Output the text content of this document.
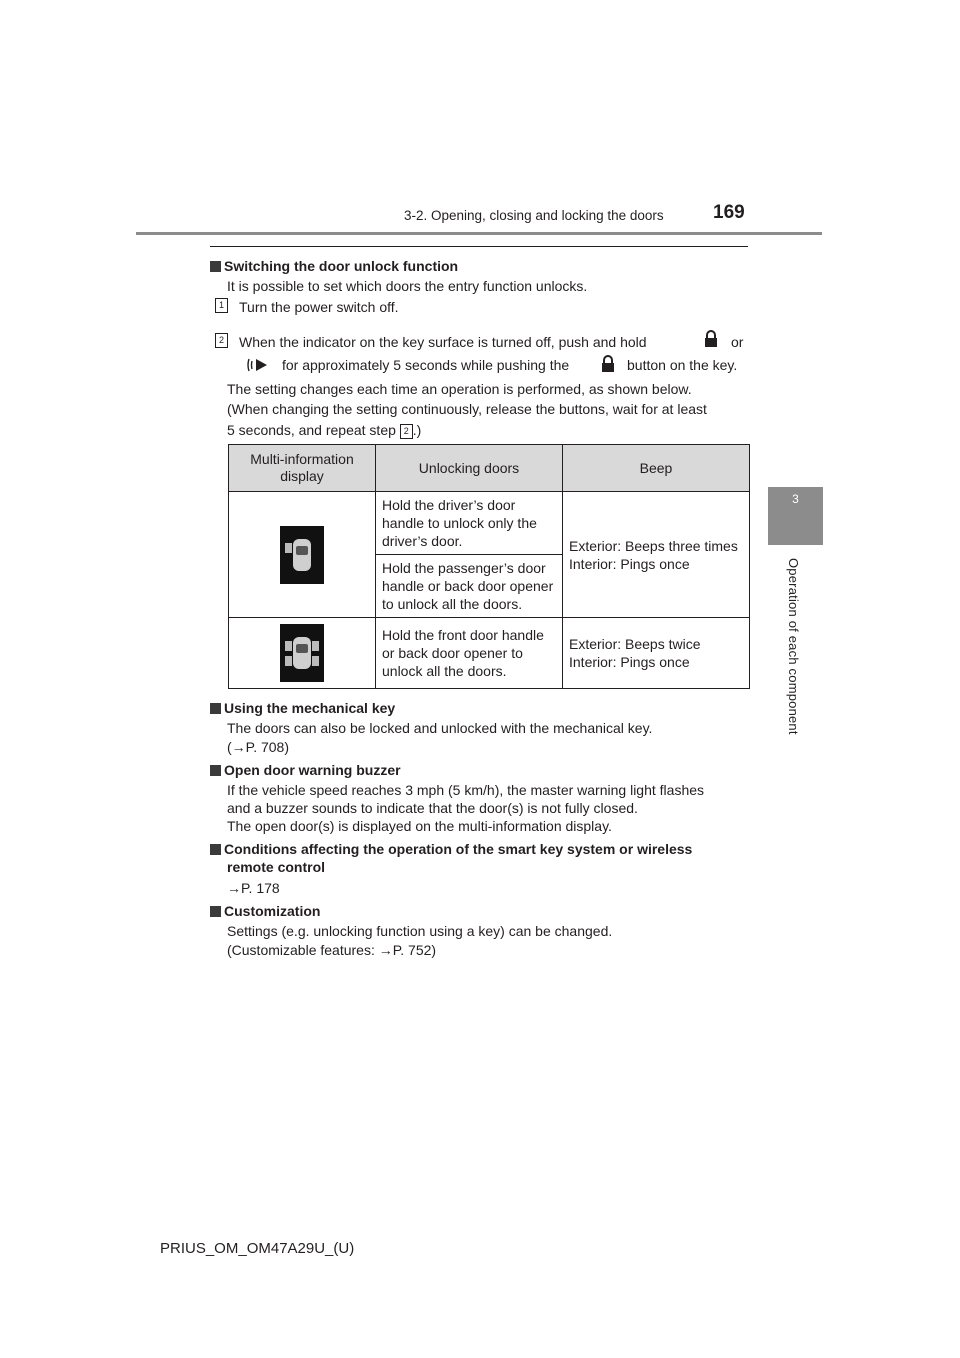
3-2. Opening, closing and locking the doors	169
3
Operation of each component
Switching the door unlock function
It is possible to set which doors the entry function unlocks.
1 Turn the power switch off.
2 When the indicator on the key surface is turned off, push and hold	or
for approximately 5 seconds while pushing the	button on the key.
The setting changes each time an operation is performed, as shown below.
(When changing the setting continuously, release the buttons, wait for at least
5 seconds, and repeat step 2 .)
Multi-information display	Unlocking doors	Beep

	Hold the driver’s door handle to unlock only the driver’s door.	Exterior: Beeps three times
Interior: Pings once

	Hold the passenger’s door handle or back door opener to unlock all the doors.	

	Hold the front door handle or back door opener to unlock all the doors.	Exterior: Beeps twice
Interior: Pings once
Using the mechanical key
The doors can also be locked and unlocked with the mechanical key.
(→P. 708)
Open door warning buzzer
If the vehicle speed reaches 3 mph (5 km/h), the master warning light flashes
and a buzzer sounds to indicate that the door(s) is not fully closed.
The open door(s) is displayed on the multi-information display.
Conditions affecting the operation of the smart key system or wireless
remote control
→P. 178
Customization
Settings (e.g. unlocking function using a key) can be changed.
(Customizable features: →P. 752)
PRIUS_OM_OM47A29U_(U)
